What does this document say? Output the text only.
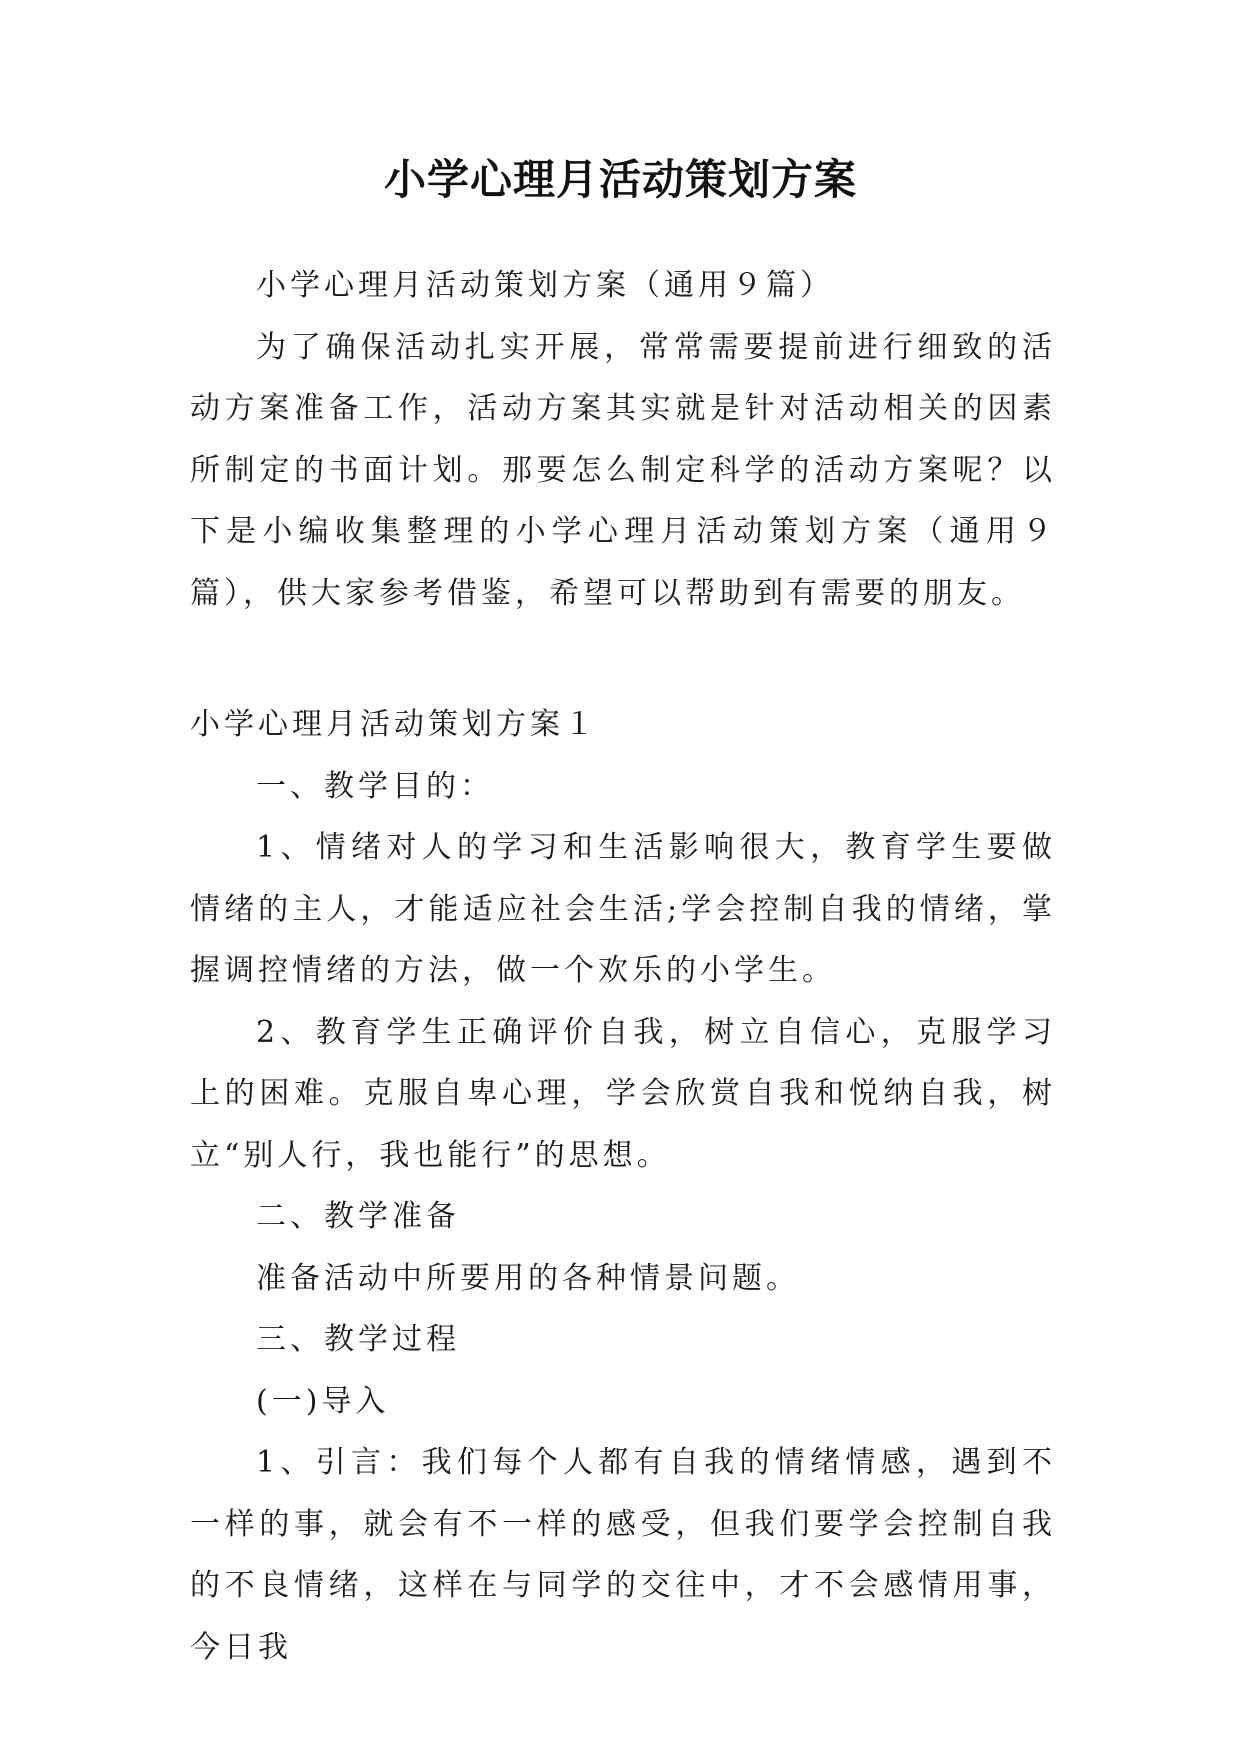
小学心理月活动策划方案

小学心理月活动策划方案（通用９篇）

为了确保活动扎实开展，常常需要提前进行细致的活动方案准备工作，活动方案其实就是针对活动相关的因素所制定的书面计划。那要怎么制定科学的活动方案呢？以下是小编收集整理的小学心理月活动策划方案（通用９篇），供大家参考借鉴，希望可以帮助到有需要的朋友。

小学心理月活动策划方案１

一、教学目的：

1、情绪对人的学习和生活影响很大，教育学生要做情绪的主人，才能适应社会生活;学会控制自我的情绪，掌握调控情绪的方法，做一个欢乐的小学生。

2、教育学生正确评价自我，树立自信心，克服学习上的困难。克服自卑心理，学会欣赏自我和悦纳自我，树立“别人行，我也能行”的思想。

二、教学准备

准备活动中所要用的各种情景问题。

三、教学过程

(一)导入

1、引言：我们每个人都有自我的情绪情感，遇到不一样的事，就会有不一样的感受，但我们要学会控制自我的不良情绪，这样在与同学的交往中，才不会感情用事，今日我
